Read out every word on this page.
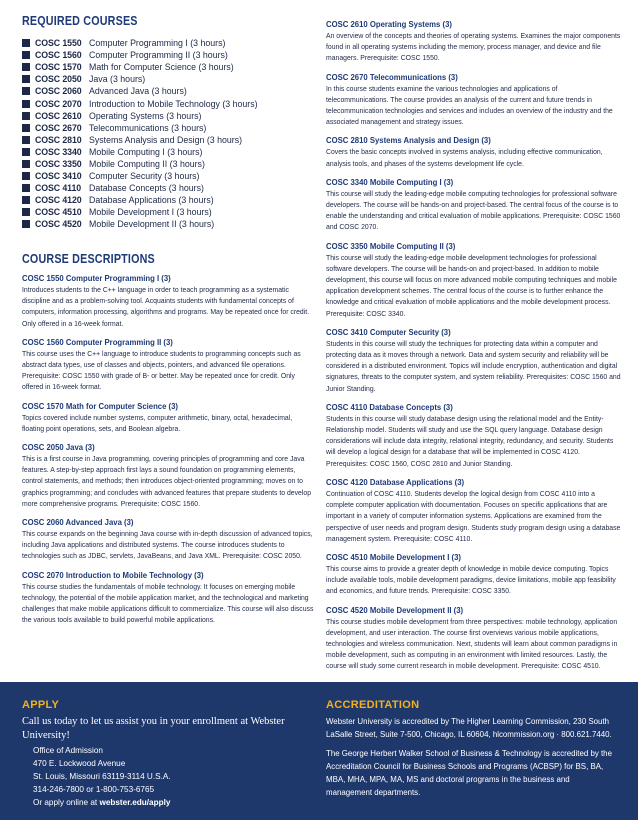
REQUIRED COURSES
COSC 1550 Computer Programming I (3 hours)
COSC 1560 Computer Programming II (3 hours)
COSC 1570 Math for Computer Science (3 hours)
COSC 2050 Java (3 hours)
COSC 2060 Advanced Java (3 hours)
COSC 2070 Introduction to Mobile Technology (3 hours)
COSC 2610 Operating Systems (3 hours)
COSC 2670 Telecommunications (3 hours)
COSC 2810 Systems Analysis and Design (3 hours)
COSC 3340 Mobile Computing I (3 hours)
COSC 3350 Mobile Computing II (3 hours)
COSC 3410 Computer Security (3 hours)
COSC 4110 Database Concepts (3 hours)
COSC 4120 Database Applications (3 hours)
COSC 4510 Mobile Development I (3 hours)
COSC 4520 Mobile Development II (3 hours)
COURSE DESCRIPTIONS
COSC 1550 Computer Programming I (3)
Introduces students to the C++ language in order to teach programming as a systematic discipline and as a problem-solving tool. Acquaints students with fundamental concepts of computers, information processing, algorithms and programs. May be repeated once for credit. Only offered in a 16-week format.
COSC 1560 Computer Programming II (3)
This course uses the C++ language to introduce students to programming concepts such as abstract data types, use of classes and objects, pointers, and advanced file operations. Prerequisite: COSC 1550 with grade of B- or better. May be repeated once for credit. Only offered in 16-week format.
COSC 1570 Math for Computer Science (3)
Topics covered include number systems, computer arithmetic, binary, octal, hexadecimal, floating point operations, sets, and Boolean algebra.
COSC 2050 Java (3)
This is a first course in Java programming, covering principles of programming and core Java features. A step-by-step approach first lays a sound foundation on programming elements, control statements, and methods; then introduces object-oriented programming; moves on to graphics programming; and concludes with advanced features that prepare students to develop more comprehensive programs. Prerequisite: COSC 1560.
COSC 2060 Advanced Java (3)
This course expands on the beginning Java course with in-depth discussion of advanced topics, including Java applications and distributed systems. The course introduces students to technologies such as JDBC, servlets, JavaBeans, and Java XML. Prerequisite: COSC 2050.
COSC 2070 Introduction to Mobile Technology (3)
This course studies the fundamentals of mobile technology. It focuses on emerging mobile technology, the potential of the mobile application market, and the technological and marketing challenges that make mobile applications difficult to commercialize. This course will also discuss the various tools available to build powerful mobile applications.
COSC 2610 Operating Systems (3)
An overview of the concepts and theories of operating systems. Examines the major components found in all operating systems including the memory, process manager, and device and file managers. Prerequisite: COSC 1550.
COSC 2670 Telecommunications (3)
In this course students examine the various technologies and applications of telecommunications. The course provides an analysis of the current and future trends in telecommunication technologies and services and includes an overview of the industry and the associated management and strategy issues.
COSC 2810 Systems Analysis and Design (3)
Covers the basic concepts involved in systems analysis, including effective communication, analysis tools, and phases of the systems development life cycle.
COSC 3340 Mobile Computing I (3)
This course will study the leading-edge mobile computing technologies for professional software developers. The course will be hands-on and project-based. The central focus of the course is to enable the understanding and critical evaluation of mobile applications. Prerequisite: COSC 1560 and COSC 2070.
COSC 3350 Mobile Computing II (3)
This course will study the leading-edge mobile development technologies for professional software developers. The course will be hands-on and project-based. In addition to mobile development, this course will focus on more advanced mobile computing techniques and mobile application development schemes. The central focus of the course is to further enhance the knowledge and critical evaluation of mobile applications and the mobile development process. Prerequisite: COSC 3340.
COSC 3410 Computer Security (3)
Students in this course will study the techniques for protecting data within a computer and protecting data as it moves through a network. Data and system security and reliability will be considered in a distributed environment. Topics will include encryption, authentication and digital signatures, threats to the computer system, and system reliability. Prerequisites: COSC 1560 and Junior Standing.
COSC 4110 Database Concepts (3)
Students in this course will study database design using the relational model and the Entity-Relationship model. Students will study and use the SQL query language. Database design considerations will include data integrity, relational integrity, redundancy, and security. Students will develop a logical design for a database that will be implemented in COSC 4120. Prerequisites: COSC 1560, COSC 2810 and Junior Standing.
COSC 4120 Database Applications (3)
Continuation of COSC 4110. Students develop the logical design from COSC 4110 into a complete computer application with documentation. Focuses on specific applications that are important in a variety of computer information systems. Applications are examined from the perspective of user needs and program design. Students study program design using a database management system. Prerequisite: COSC 4110.
COSC 4510 Mobile Development I (3)
This course aims to provide a greater depth of knowledge in mobile device computing. Topics include available tools, mobile development paradigms, device limitations, mobile app feasibility and economics, and future trends. Prerequisite: COSC 3350.
COSC 4520 Mobile Development II (3)
This course studies mobile development from three perspectives: mobile technology, application development, and user interaction. The course first overviews various mobile applications, technologies and wireless communication. Next, students will learn about common paradigms in mobile development, such as computing in an environment with limited resources. Lastly, the course will study some current research in mobile development. Prerequisite: COSC 4510.
APPLY
Call us today to let us assist you in your enrollment at Webster University!
Office of Admission
470 E. Lockwood Avenue
St. Louis, Missouri 63119-3114 U.S.A.
314-246-7800 or 1-800-753-6765
Or apply online at webster.edu/apply
ACCREDITATION

Webster University is accredited by The Higher Learning Commission, 230 South LaSalle Street, Suite 7-500, Chicago, IL 60604, hlcommission.org · 800.621.7440.

The George Herbert Walker School of Business & Technology is accredited by the Accreditation Council for Business Schools and Programs (ACBSP) for BS, BA, MBA, MHA, MPA, MA, MS and doctoral programs in the business and management departments.
